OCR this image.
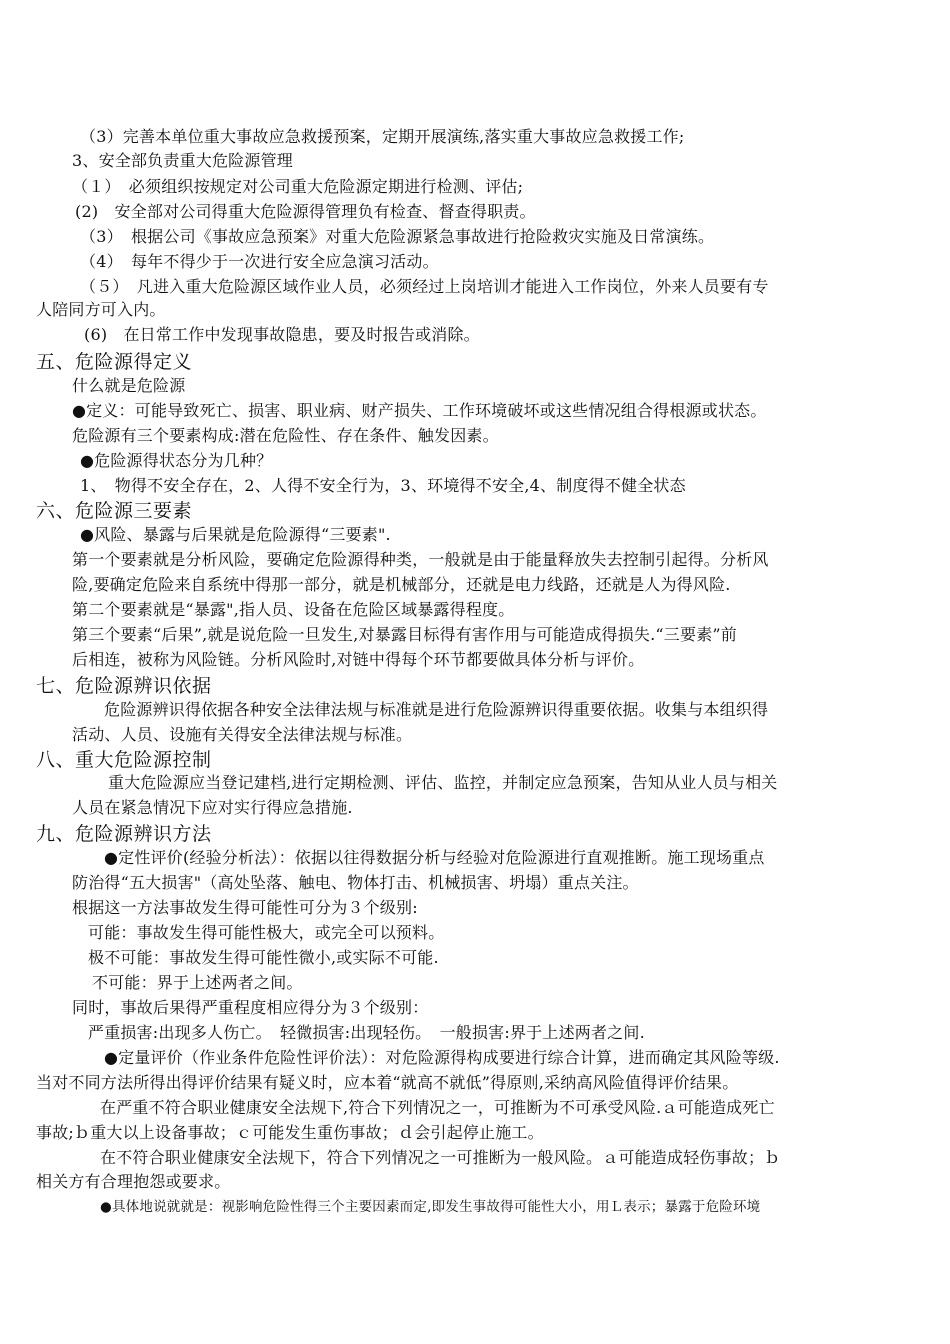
（3）完善本单位重大事故应急救援预案，定期开展演练,落实重大事故应急救援工作;
3、安全部负责重大危险源管理
（１）　必须组织按规定对公司重大危险源定期进行检测、评估;
(2)　安全部对公司得重大危险源得管理负有检查、督查得职责。
（3）　根据公司《事故应急预案》对重大危险源紧急事故进行抢险救灾实施及日常演练。
（4）　每年不得少于一次进行安全应急演习活动。
（５）　凡进入重大危险源区域作业人员，必须经过上岗培训才能进入工作岗位，外来人员要有专
人陪同方可入内。
(6)　在日常工作中发现事故隐患，要及时报告或消除。
五、危险源得定义
什么就是危险源
●定义：可能导致死亡、损害、职业病、财产损失、工作环境破坏或这些情况组合得根源或状态。
危险源有三个要素构成:潜在危险性、存在条件、触发因素。
●危险源得状态分为几种？
1、　物得不安全存在，2、人得不安全行为，3、环境得不安全,4、制度得不健全状态
六、危险源三要素
●风险、暴露与后果就是危险源得“三要素".
第一个要素就是分析风险，要确定危险源得种类，一般就是由于能量释放失去控制引起得。分析风
险,要确定危险来自系统中得那一部分，就是机械部分，还就是电力线路，还就是人为得风险.
第二个要素就是“暴露",指人员、设备在危险区域暴露得程度。
第三个要素“后果”,就是说危险一旦发生,对暴露目标得有害作用与可能造成得损失.“三要素”前
后相连，被称为风险链。分析风险时,对链中得每个环节都要做具体分析与评价。
七、危险源辨识依据
危险源辨识得依据各种安全法律法规与标准就是进行危险源辨识得重要依据。收集与本组织得
活动、人员、设施有关得安全法律法规与标准。
八、重大危险源控制
重大危险源应当登记建档,进行定期检测、评估、监控，并制定应急预案，告知从业人员与相关
人员在紧急情况下应对实行得应急措施.
九、危险源辨识方法
●定性评价(经验分析法）：依据以往得数据分析与经验对危险源进行直观推断。施工现场重点
防治得“五大损害"（高处坠落、触电、物体打击、机械损害、坍塌）重点关注。
根据这一方法事故发生得可能性可分为３个级别:
可能：事故发生得可能性极大，或完全可以预料。
极不可能：事故发生得可能性微小,或实际不可能.
不可能：界于上述两者之间。
同时，事故后果得严重程度相应得分为３个级别：
严重损害:出现多人伤亡。　轻微损害:出现轻伤。　一般损害:界于上述两者之间.
●定量评价（作业条件危险性评价法）：对危险源得构成要进行综合计算，进而确定其风险等级.
当对不同方法所得出得评价结果有疑义时，应本着“就高不就低”得原则,采纳高风险值得评价结果。
在严重不符合职业健康安全法规下,符合下列情况之一，可推断为不可承受风险.ａ可能造成死亡
事故;ｂ重大以上设备事故；ｃ可能发生重伤事故；ｄ会引起停止施工。
在不符合职业健康安全法规下，符合下列情况之一可推断为一般风险。ａ可能造成轻伤事故；ｂ
相关方有合理抱怨或要求。
●具体地说就就是：视影响危险性得三个主要因素而定,即发生事故得可能性大小，用Ｌ表示；暴露于危险环境
